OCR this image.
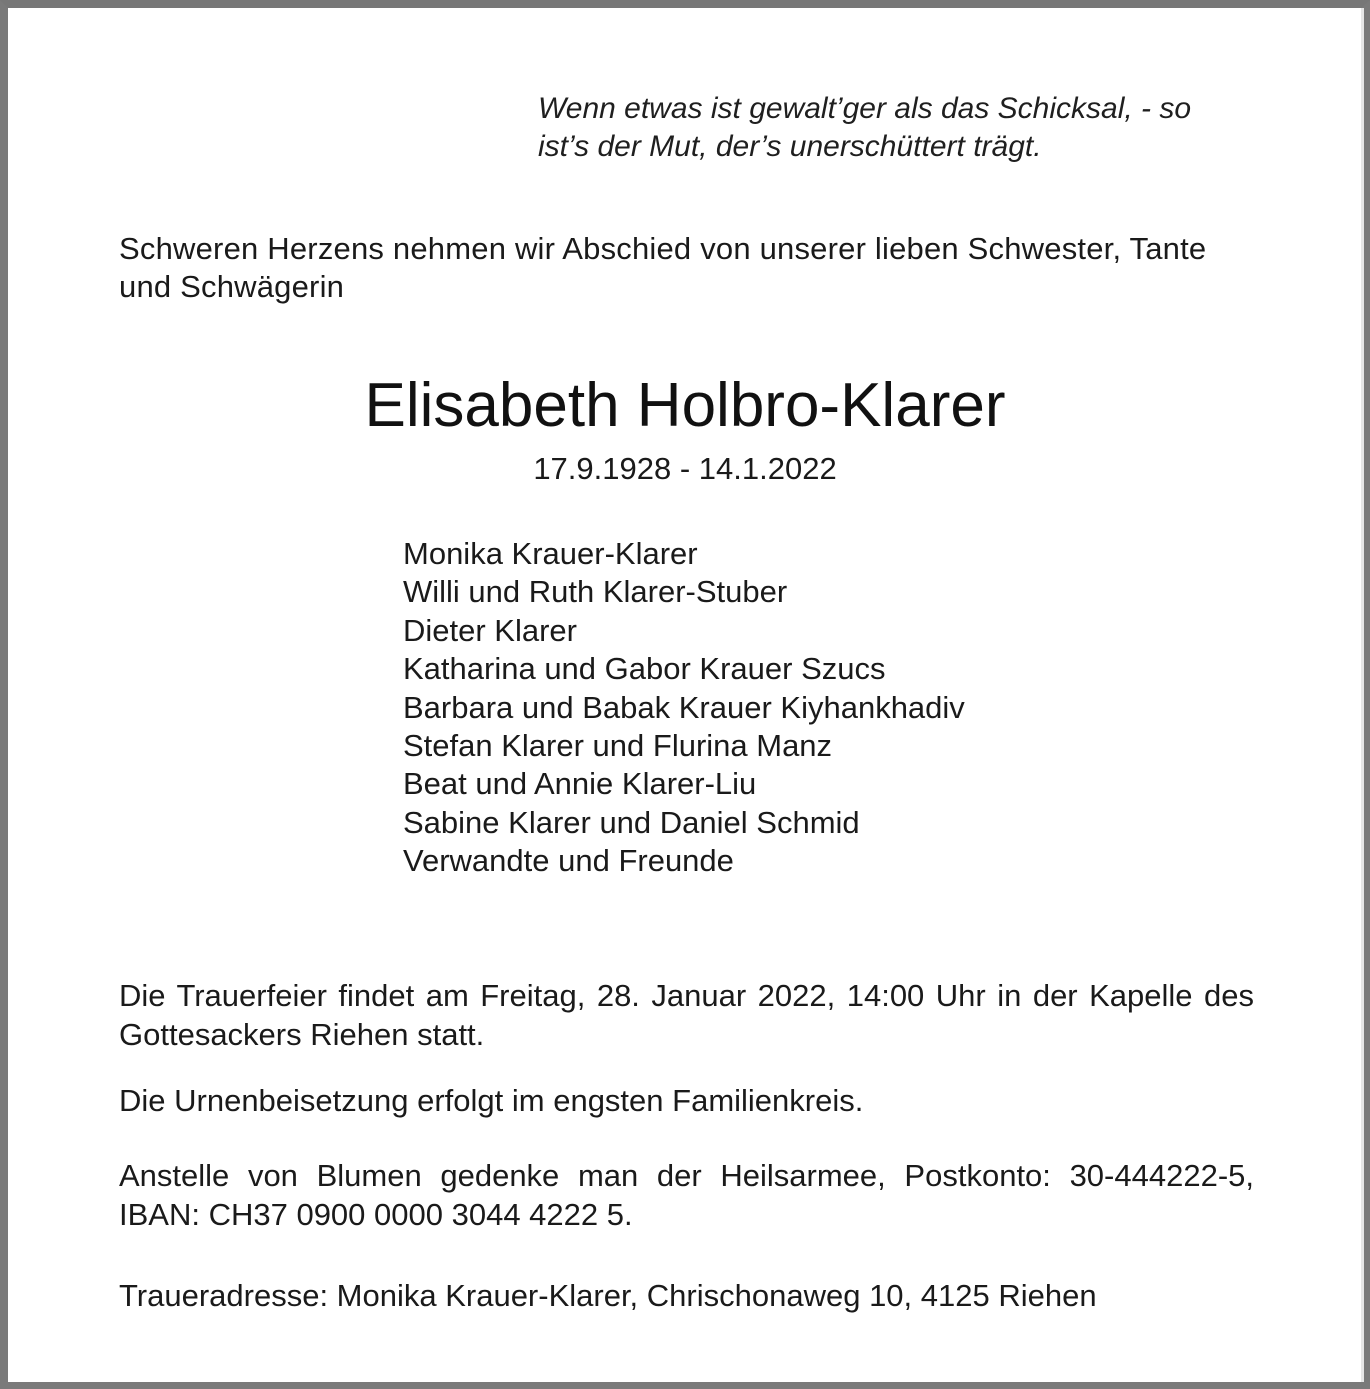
Wenn etwas ist gewalt’ger als das Schicksal, - so
ist’s der Mut, der’s unerschüttert trägt.
Schweren Herzens nehmen wir Abschied von unserer lieben Schwester, Tante und Schwägerin
Elisabeth Holbro-Klarer
17.9.1928 - 14.1.2022
Monika Krauer-Klarer
Willi und Ruth Klarer-Stuber
Dieter Klarer
Katharina und Gabor Krauer Szucs
Barbara und Babak Krauer Kiyhankhadiv
Stefan Klarer und Flurina Manz
Beat und Annie Klarer-Liu
Sabine Klarer und Daniel Schmid
Verwandte und Freunde
Die Trauerfeier findet am Freitag, 28. Januar 2022, 14:00 Uhr in der Kapelle des Gottesackers Riehen statt.
Die Urnenbeisetzung erfolgt im engsten Familienkreis.
Anstelle von Blumen gedenke man der Heilsarmee, Postkonto: 30-444222-5, IBAN: CH37 0900 0000 3044 4222 5.
Traueradresse: Monika Krauer-Klarer, Chrischonaweg 10, 4125 Riehen
